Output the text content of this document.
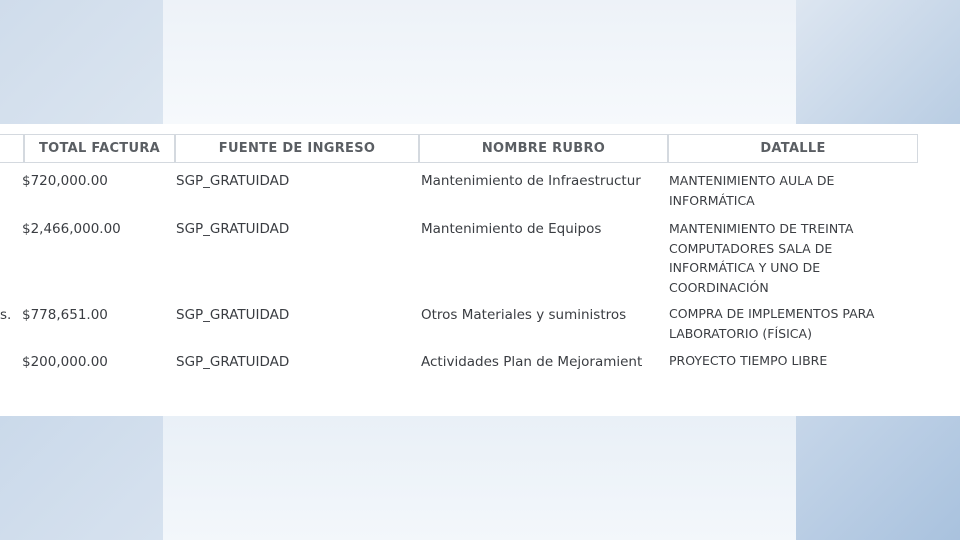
TOTAL FACTURA	FUENTE DE INGRESO	NOMBRE RUBRO	DATALLE
$720,000.00	SGP_GRATUIDAD	Mantenimiento de Infraestructur	MANTENIMIENTO AULA DE INFORMÁTICA
$2,466,000.00	SGP_GRATUIDAD	Mantenimiento de Equipos	MANTENIMIENTO DE TREINTA COMPUTADORES SALA DE INFORMÁTICA Y UNO DE COORDINACIÓN
s. $778,651.00	SGP_GRATUIDAD	Otros Materiales y suministros	COMPRA DE IMPLEMENTOS PARA LABORATORIO (FÍSICA)
$200,000.00	SGP_GRATUIDAD	Actividades Plan de Mejoramient	PROYECTO TIEMPO LIBRE
